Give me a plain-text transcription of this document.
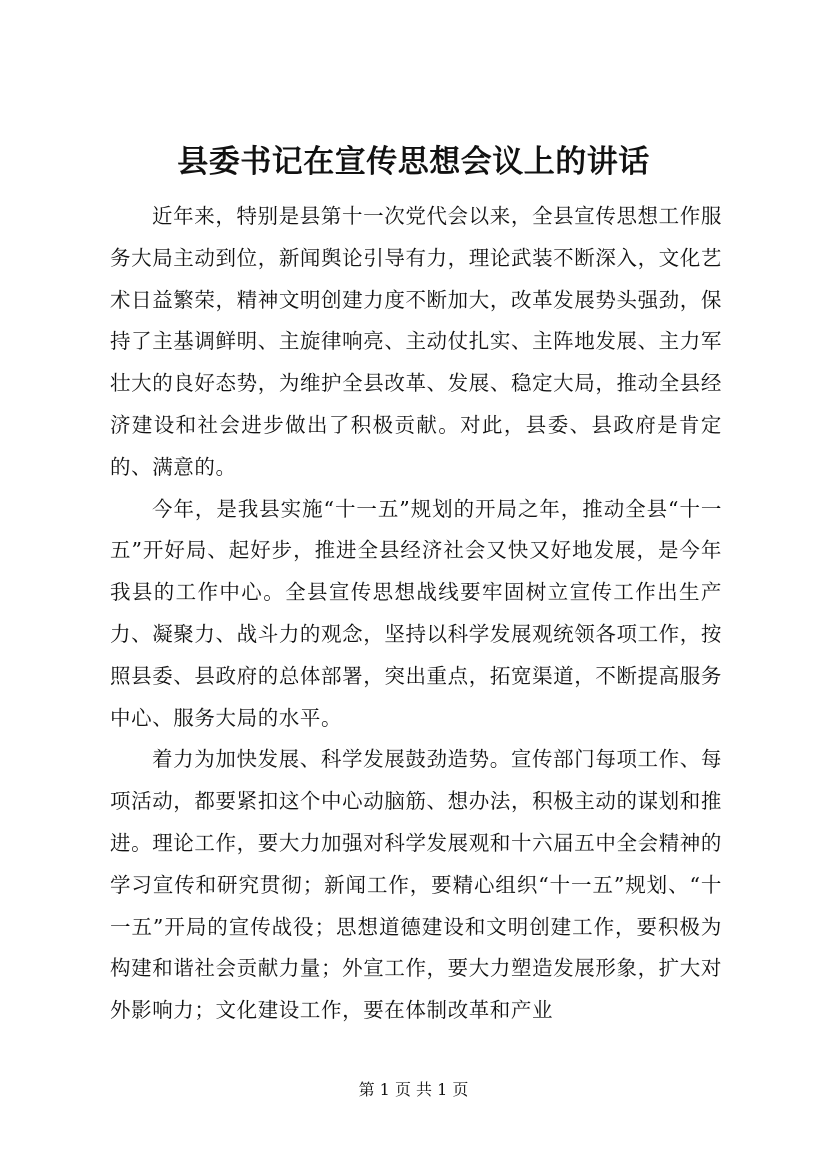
县委书记在宣传思想会议上的讲话

近年来，特别是县第十一次党代会以来，全县宣传思想工作服务大局主动到位，新闻舆论引导有力，理论武装不断深入，文化艺术日益繁荣，精神文明创建力度不断加大，改革发展势头强劲，保持了主基调鲜明、主旋律响亮、主动仗扎实、主阵地发展、主力军壮大的良好态势，为维护全县改革、发展、稳定大局，推动全县经济建设和社会进步做出了积极贡献。对此，县委、县政府是肯定的、满意的。

今年，是我县实施“十一五”规划的开局之年，推动全县“十一五”开好局、起好步，推进全县经济社会又快又好地发展，是今年我县的工作中心。全县宣传思想战线要牢固树立宣传工作出生产力、凝聚力、战斗力的观念，坚持以科学发展观统领各项工作，按照县委、县政府的总体部署，突出重点，拓宽渠道，不断提高服务中心、服务大局的水平。

着力为加快发展、科学发展鼓劲造势。宣传部门每项工作、每项活动，都要紧扣这个中心动脑筋、想办法，积极主动的谋划和推进。理论工作，要大力加强对科学发展观和十六届五中全会精神的学习宣传和研究贯彻；新闻工作，要精心组织“十一五”规划、“十一五”开局的宣传战役；思想道德建设和文明创建工作，要积极为构建和谐社会贡献力量；外宣工作，要大力塑造发展形象，扩大对外影响力；文化建设工作，要在体制改革和产业

第 1 页 共 1 页
